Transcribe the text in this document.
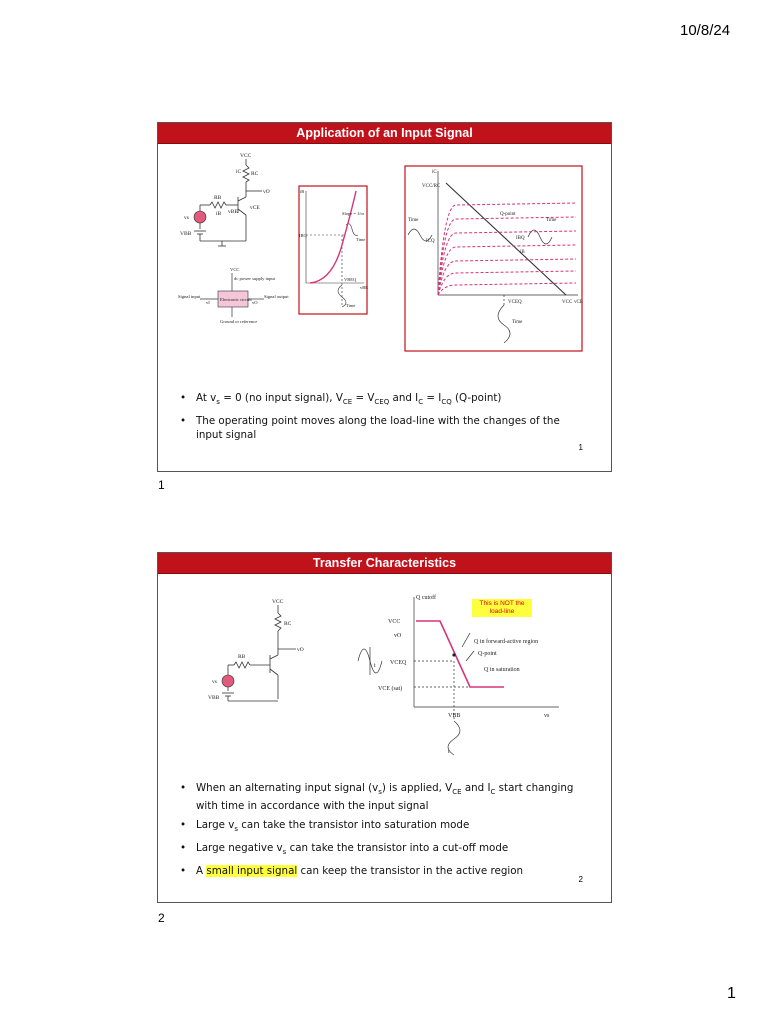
10/8/24
Application of an Input Signal
VCC
iC RC
vO
RB
iB vBE
vCE
vs
VBB
VCC
dc power supply input
Electronic circuit
Signal input
vI
Signal output
vO
Ground or reference
iB
Slope = 1/rπ
Time
vBE
VBEQ
IBQ
Time
iC
VCC/RC
Q-point
Time	Time
ICQ
IBQ
iB
VCEQ	VCC vCE
Time
• At $v_s = 0$ (no input signal), $V_{CE} = V_{CEQ}$ and $I_C = I_{CQ}$ (Q-point)
• The operating point moves along the load-line with the changes of the input signal
1
1
Transfer Characteristics
VCC
RC
vO
RB
vs
VBB
Q cutoff
VCC
vO
VCEQ
VCE (sat)
Q in forward-active region
Q-point
Q in saturation
VBB	vs
t
t
This is NOT the load-line
• When an alternating input signal $(v_s)$ is applied, $V_{CE}$ and $I_C$ start changing with time in accordance with the input signal
• Large $v_s$ can take the transistor into saturation mode
• Large negative $v_s$ can take the transistor into a cut-off mode
• A small input signal can keep the transistor in the active region
2
2
1
